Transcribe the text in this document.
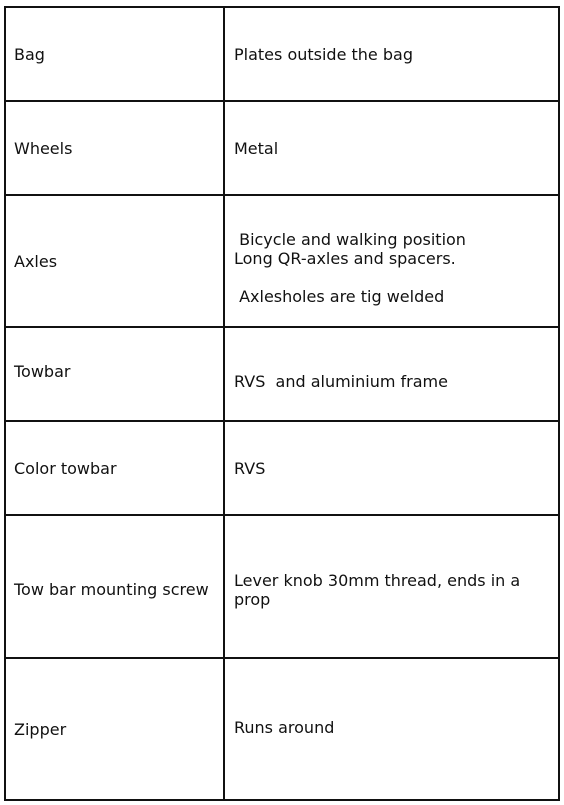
Bag	Plates outside the bag

Wheels	Metal

Axles	Bicycle and walking position
Long QR-axles and spacers.
Axlesholes are tig welded

Towbar	RVS  and aluminium frame

Color towbar	RVS

Tow bar mounting screw	Lever knob 30mm thread, ends in a
prop

Zipper	Runs around
